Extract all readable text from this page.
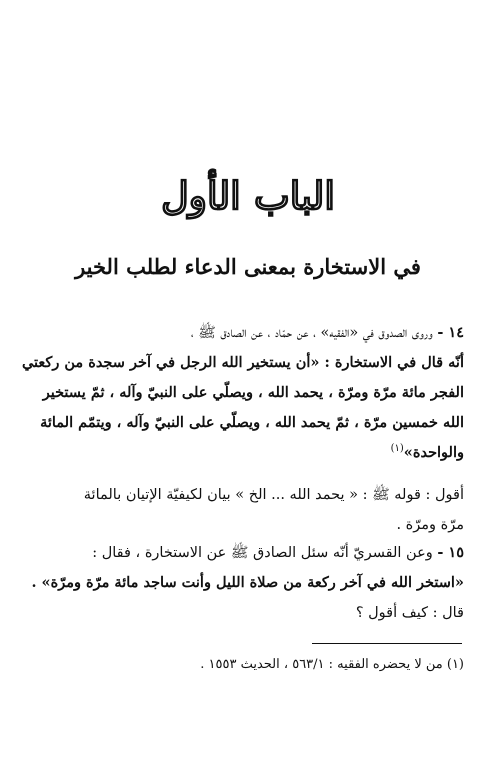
الباب الأول
في الاستخارة بمعنى الدعاء لطلب الخير
١٤ - وروى الصدوق في «الفقيه» ، عن حمّاد ، عن الصادق ﷺ ،
أنّه قال في الاستخارة : «أن يستخير الله الرجل في آخر سجدة من ركعتي
الفجر مائة مرّة ومرّة ، يحمد الله ، ويصلّي على النبيّ وآله ، ثمّ يستخير
الله خمسين مرّة ، ثمّ يحمد الله ، ويصلّي على النبيّ وآله ، ويتمّم المائة
والواحدة»$^{(١)}$
أقول : قوله ﷺ : « يحمد الله ... الخ » بيان لكيفيّة الإتيان بالمائة
مرّة ومرّة .
١٥ - وعن القسريّ أنّه سئل الصادق ﷺ عن الاستخارة ، فقال :
«استخر الله في آخر ركعة من صلاة الليل وأنت ساجد مائة مرّة ومرّة» .
قال : كيف أقول ؟
(١) من لا يحضره الفقيه : ٥٦٣/١ ، الحديث ١٥٥٣ .
